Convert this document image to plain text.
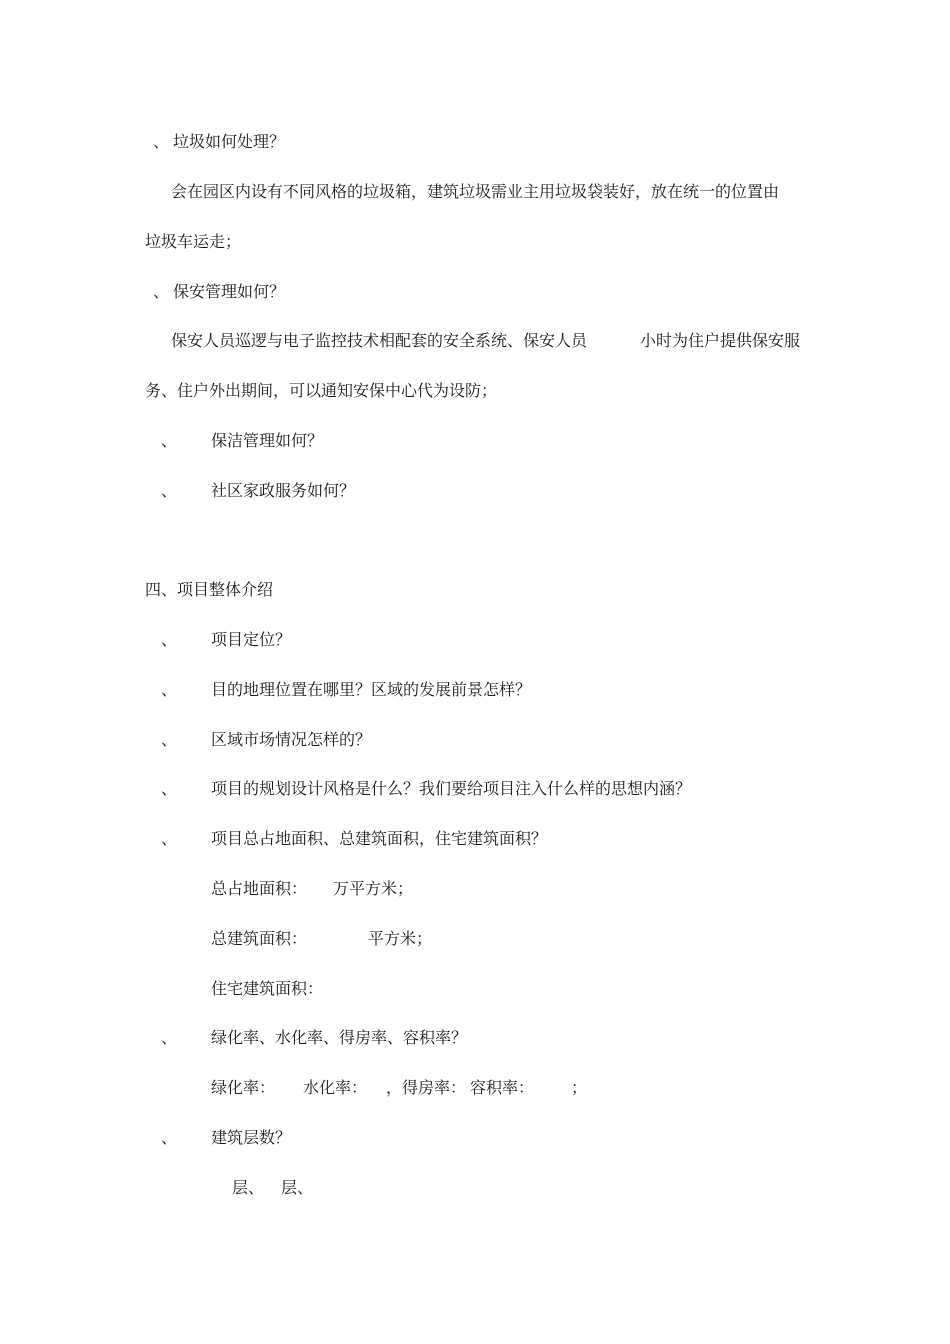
、 垃圾如何处理？
会在园区内设有不同风格的垃圾箱，建筑垃圾需业主用垃圾袋装好，放在统一的位置由
垃圾车运走；
、 保安管理如何？
保安人员巡逻与电子监控技术相配套的安全系统、保安人员	小时为住户提供保安服
务、住户外出期间，可以通知安保中心代为设防；
、 保洁管理如何？
、 社区家政服务如何？
四、项目整体介绍
、 项目定位？
、 目的地理位置在哪里？区域的发展前景怎样？
、 区域市场情况怎样的？
、 项目的规划设计风格是什么？我们要给项目注入什么样的思想内涵？
、 项目总占地面积、总建筑面积，住宅建筑面积？
总占地面积： 万平方米；
总建筑面积：	平方米；
住宅建筑面积：
、 绿化率、水化率、得房率、容积率？
绿化率： 水化率： ，得房率： 容积率： ；
、 建筑层数？
层、 层、
